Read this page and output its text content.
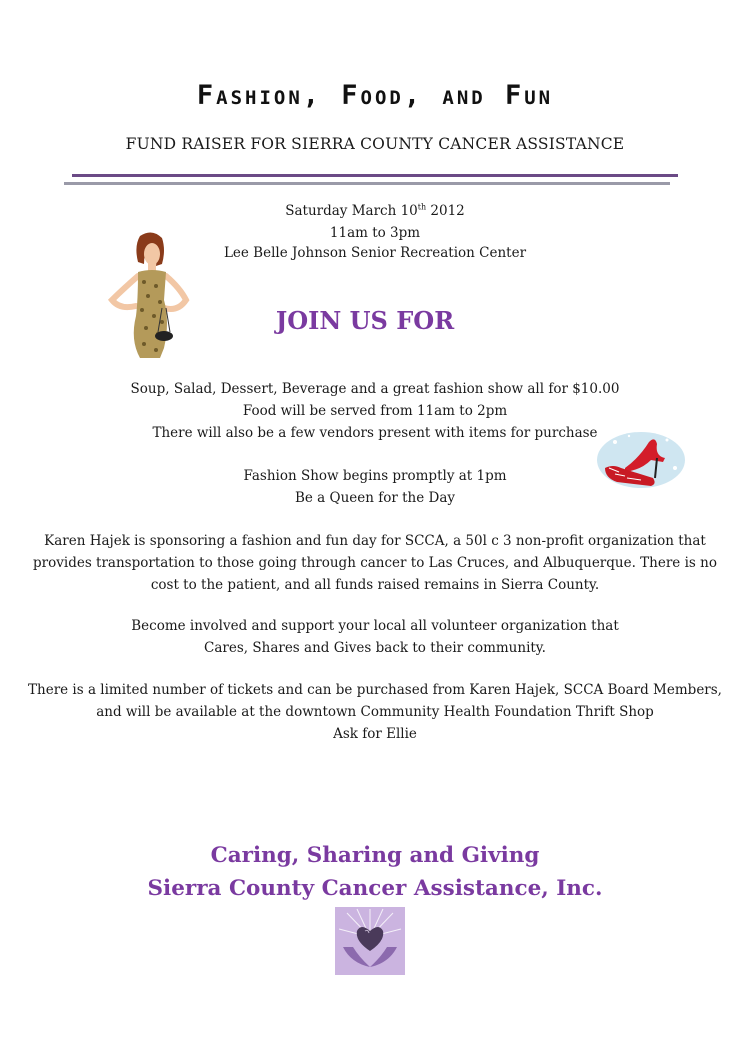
Fashion, Food, and Fun
FUND RAISER FOR SIERRA COUNTY CANCER ASSISTANCE
Saturday March 10th 2012
11am to 3pm
Lee Belle Johnson Senior Recreation Center
JOIN US FOR
Soup, Salad, Dessert, Beverage and a great fashion show all for $10.00
Food will be served from 11am to 2pm
There will also be a few vendors present with items for purchase
Fashion Show begins promptly at 1pm
Be a Queen for the Day
Karen Hajek is sponsoring a fashion and fun day for SCCA, a 50l c 3 non-profit organization that
provides transportation to those going through cancer to Las Cruces, and Albuquerque. There is no
cost to the patient, and all funds raised remains in Sierra County.
Become involved and support your local all volunteer organization that
Cares, Shares and Gives back to their community.
There is a limited number of tickets and can be purchased from Karen Hajek, SCCA Board Members,
and will be available at the downtown Community Health Foundation Thrift Shop
Ask for Ellie
Caring, Sharing and Giving
Sierra County Cancer Assistance, Inc.
